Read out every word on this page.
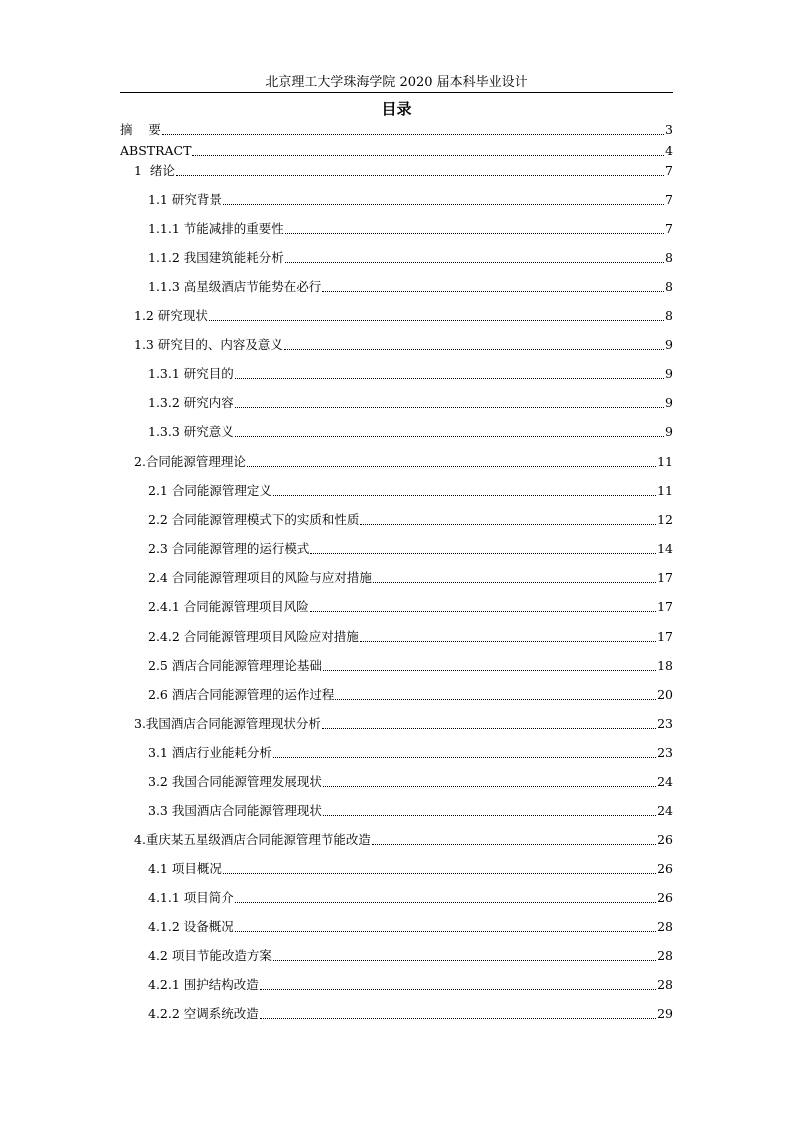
北京理工大学珠海学院 2020 届本科毕业设计
目录
摘    要	3
ABSTRACT	4
1  绪论	7
1.1 研究背景	7
1.1.1 节能减排的重要性	7
1.1.2 我国建筑能耗分析	8
1.1.3 高星级酒店节能势在必行	8
1.2 研究现状	8
1.3 研究目的、内容及意义	9
1.3.1 研究目的	9
1.3.2 研究内容	9
1.3.3 研究意义	9
2.合同能源管理理论	11
2.1 合同能源管理定义	11
2.2 合同能源管理模式下的实质和性质	12
2.3 合同能源管理的运行模式	14
2.4 合同能源管理项目的风险与应对措施	17
2.4.1 合同能源管理项目风险	17
2.4.2 合同能源管理项目风险应对措施	17
2.5 酒店合同能源管理理论基础	18
2.6 酒店合同能源管理的运作过程	20
3.我国酒店合同能源管理现状分析	23
3.1 酒店行业能耗分析	23
3.2 我国合同能源管理发展现状	24
3.3 我国酒店合同能源管理现状	24
4.重庆某五星级酒店合同能源管理节能改造	26
4.1 项目概况	26
4.1.1 项目简介	26
4.1.2 设备概况	28
4.2 项目节能改造方案	28
4.2.1 围护结构改造	28
4.2.2 空调系统改造	29
